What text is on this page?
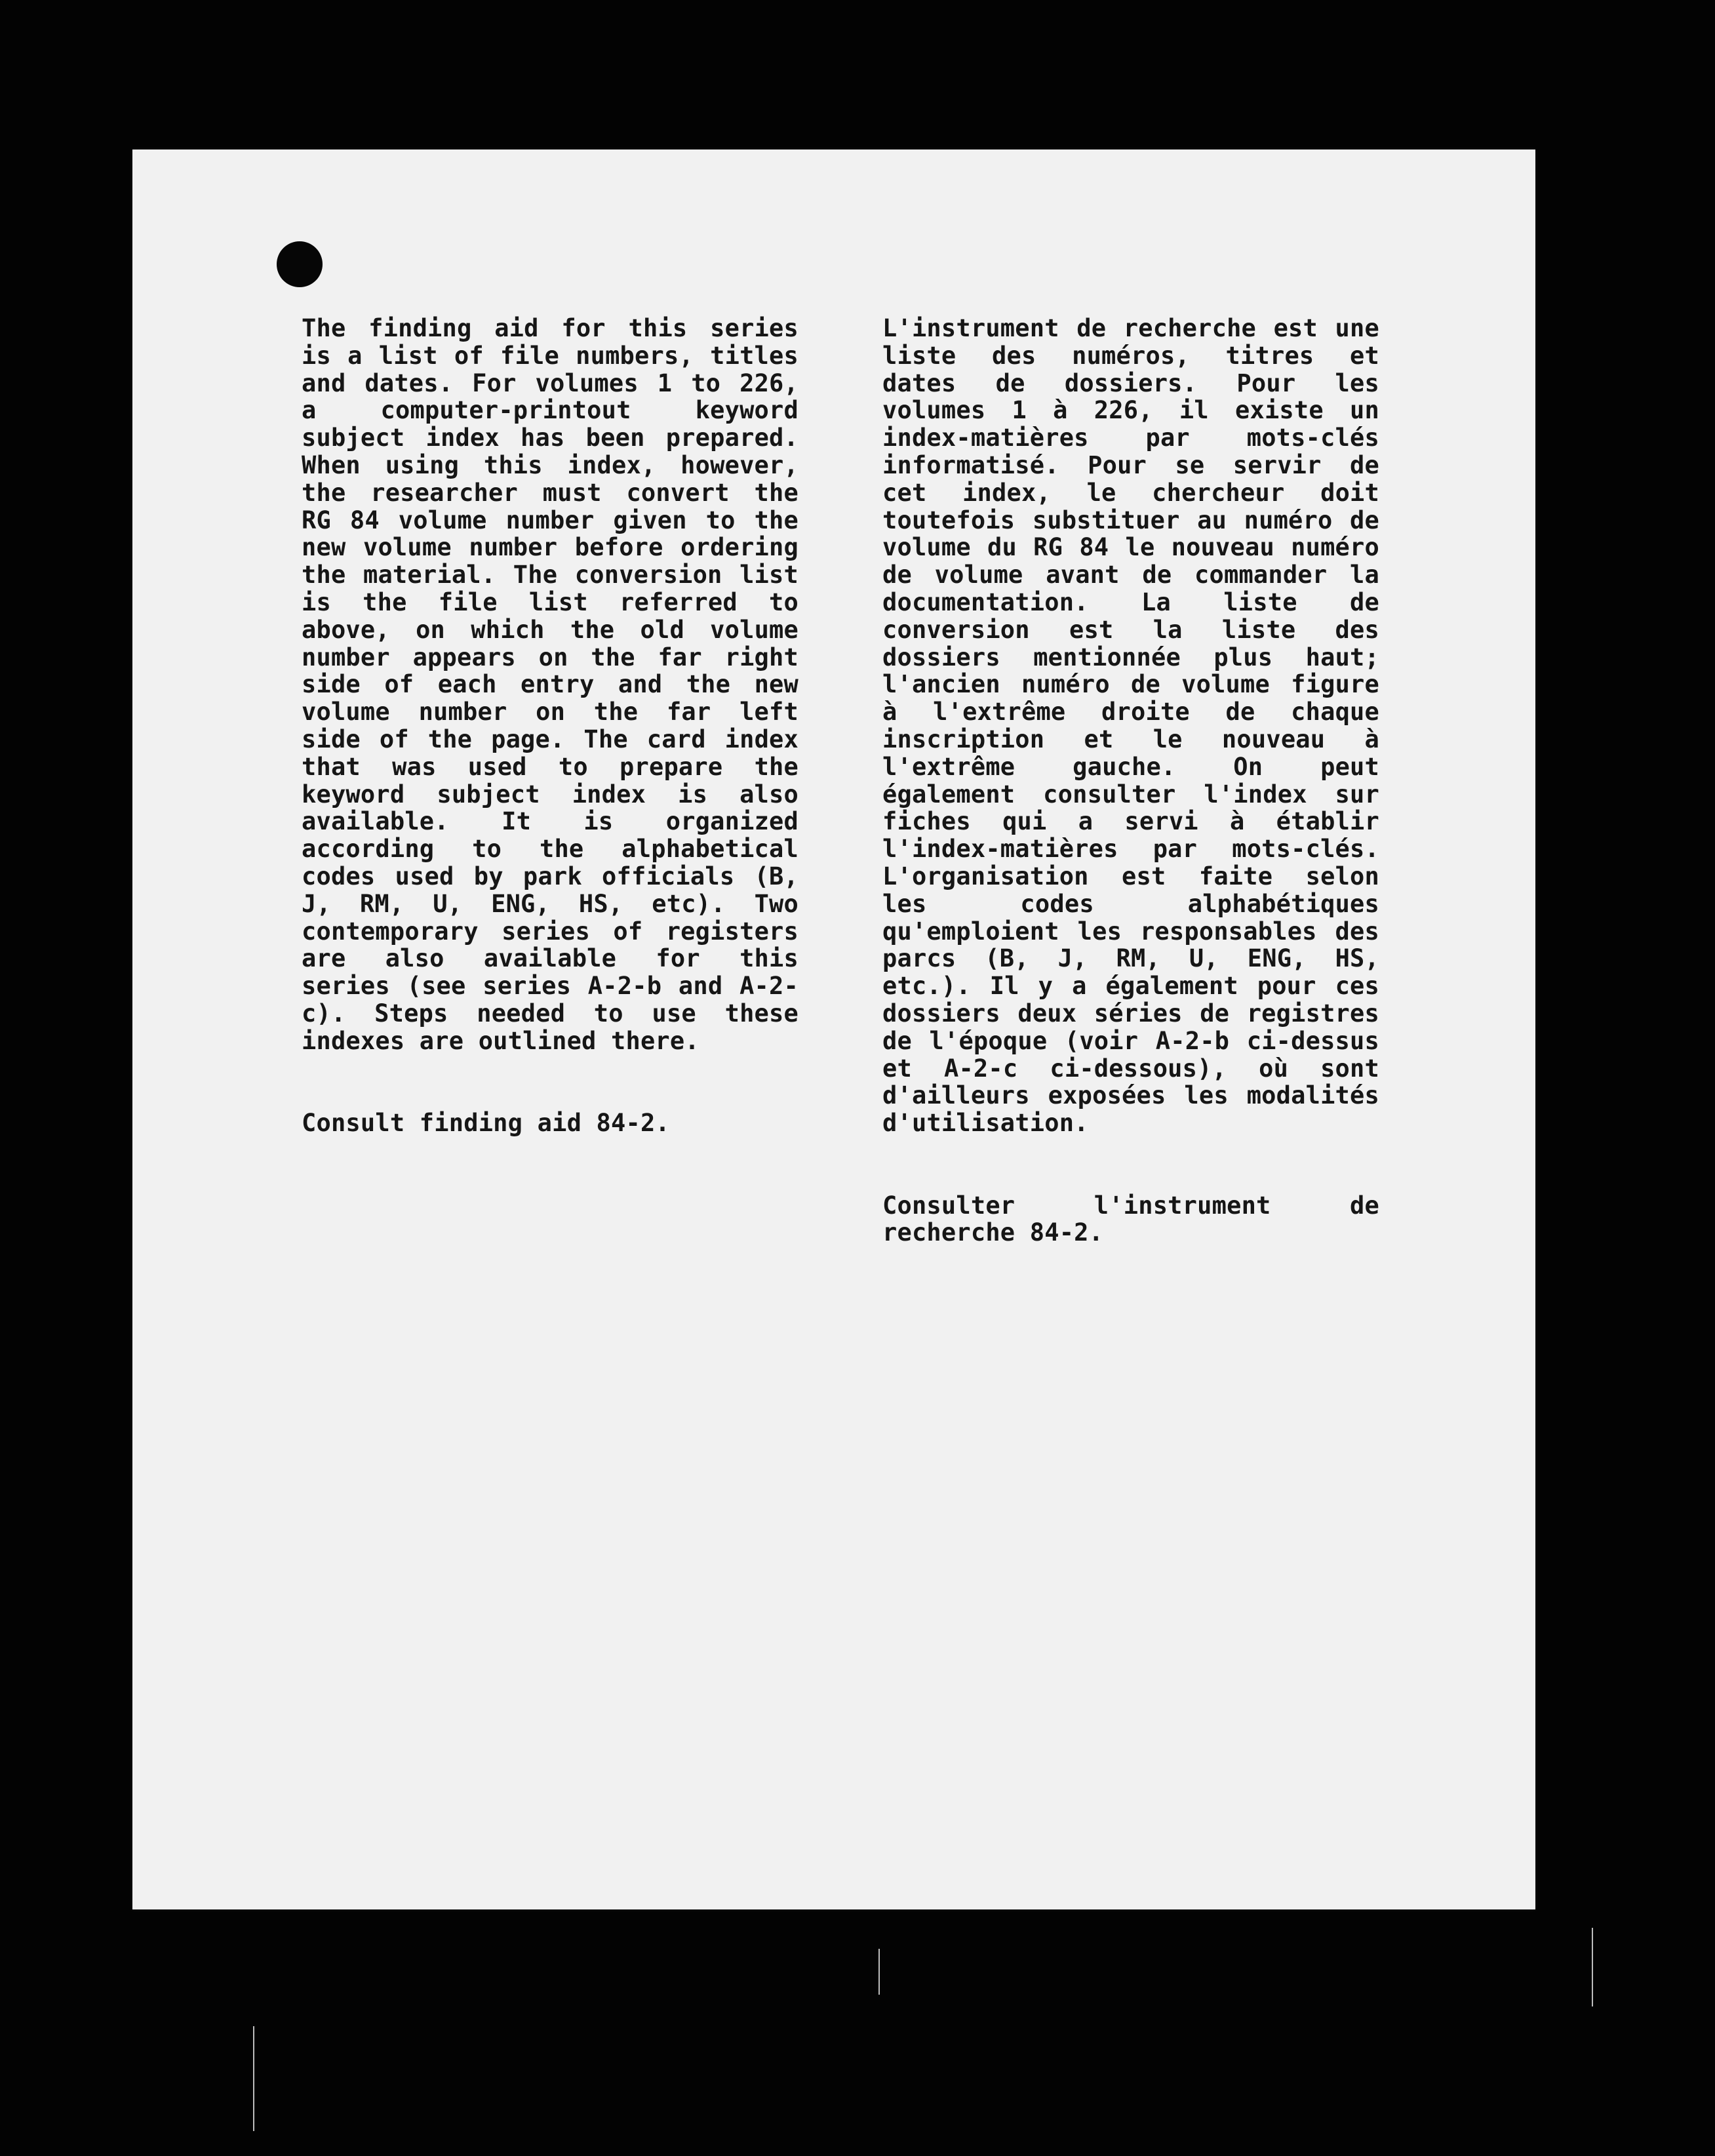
The finding aid for this series is a list of file numbers, titles and dates. For volumes 1 to 226, a computer-printout keyword subject index has been prepared. When using this index, however, the researcher must convert the RG 84 volume number given to the new volume number before ordering the material. The conversion list is the file list referred to above, on which the old volume number appears on the far right side of each entry and the new volume number on the far left side of the page. The card index that was used to prepare the keyword subject index is also available. It is organized according to the alphabetical codes used by park officials (B, J, RM, U, ENG, HS, etc). Two contemporary series of registers are also available for this series (see series A-2-b and A-2-c). Steps needed to use these indexes are outlined there.

Consult finding aid 84-2.

L'instrument de recherche est une liste des numéros, titres et dates de dossiers. Pour les volumes 1 à 226, il existe un index-matières par mots-clés informatisé. Pour se servir de cet index, le chercheur doit toutefois substituer au numéro de volume du RG 84 le nouveau numéro de volume avant de commander la documentation. La liste de conversion est la liste des dossiers mentionnée plus haut; l'ancien numéro de volume figure à l'extrême droite de chaque inscription et le nouveau à l'extrême gauche. On peut également consulter l'index sur fiches qui a servi à établir l'index-matières par mots-clés. L'organisation est faite selon les codes alphabétiques qu'emploient les responsables des parcs (B, J, RM, U, ENG, HS, etc.). Il y a également pour ces dossiers deux séries de registres de l'époque (voir A-2-b ci-dessus et A-2-c ci-dessous), où sont d'ailleurs exposées les modalités d'utilisation.

Consulter l'instrument de recherche 84-2.
